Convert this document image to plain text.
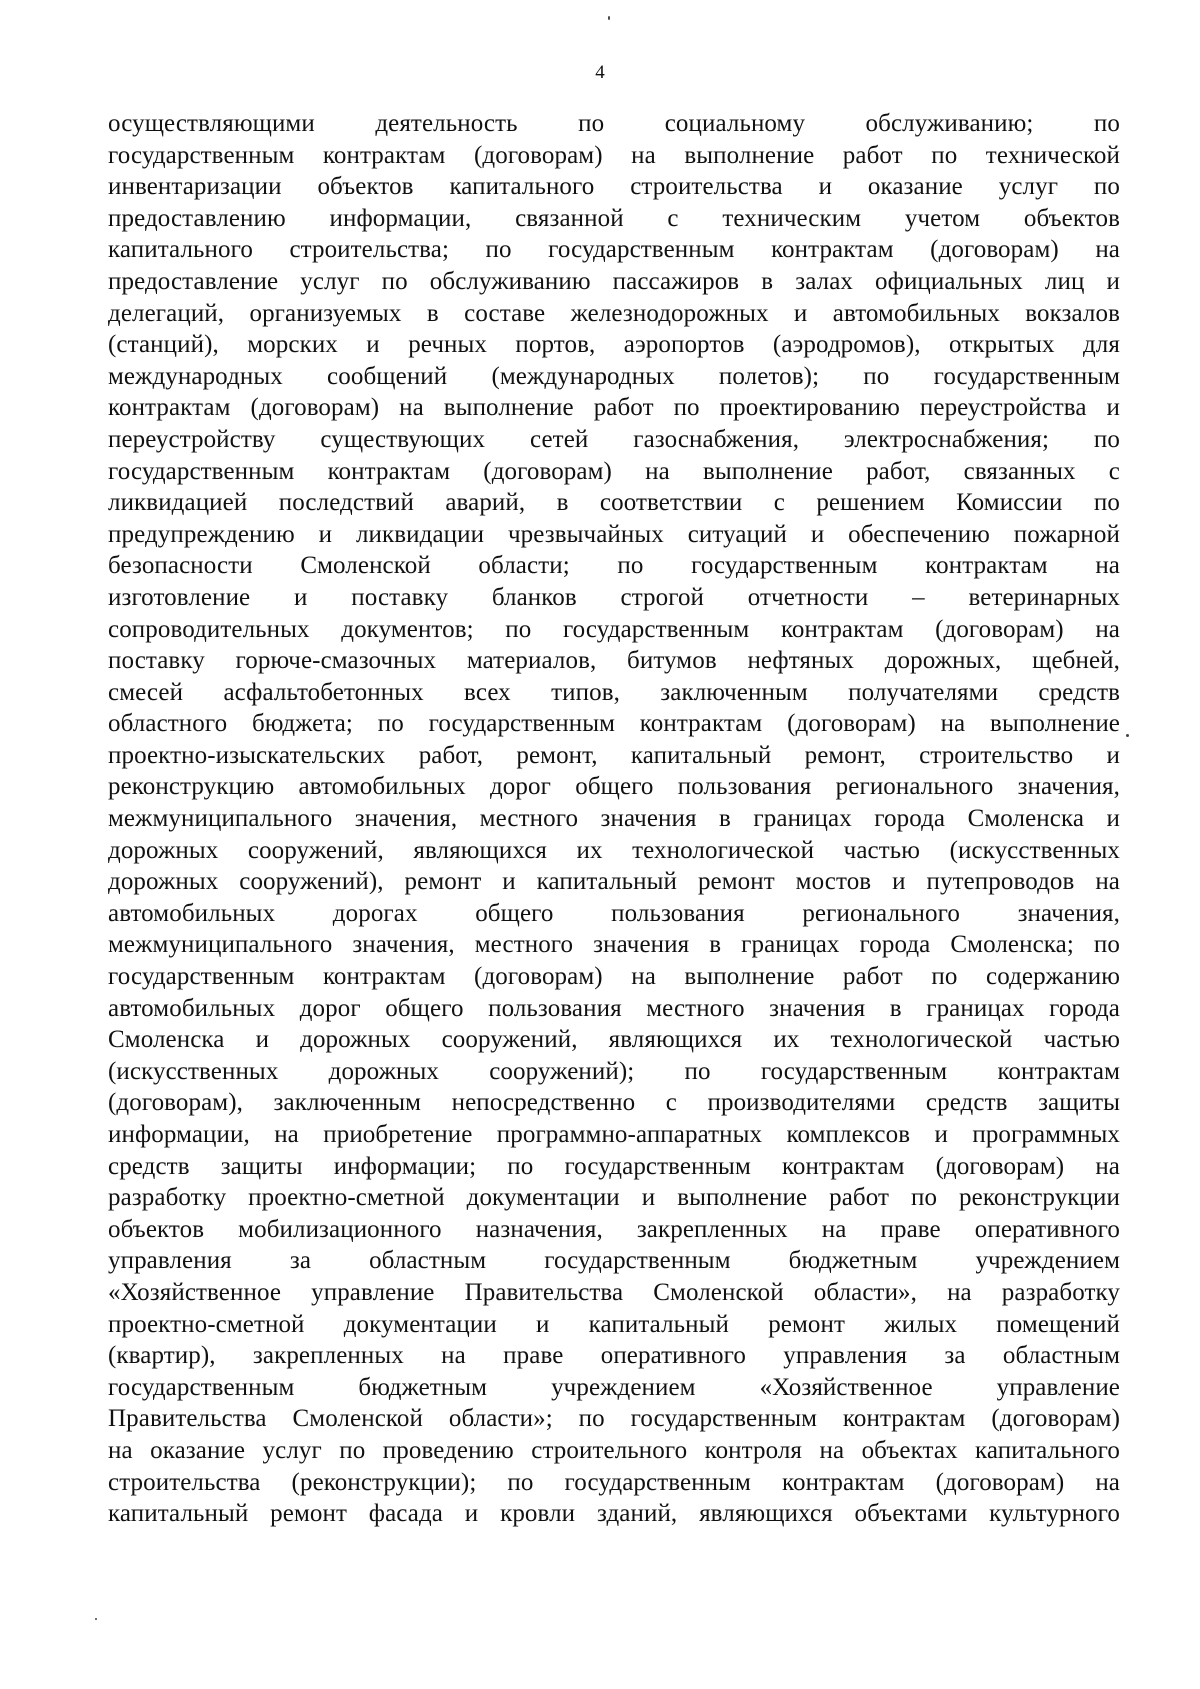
4
осуществляющими деятельность по социальному обслуживанию; по
государственным контрактам (договорам) на выполнение работ по технической
инвентаризации объектов капитального строительства и оказание услуг по
предоставлению информации, связанной с техническим учетом объектов
капитального строительства; по государственным контрактам (договорам) на
предоставление услуг по обслуживанию пассажиров в залах официальных лиц и
делегаций, организуемых в составе железнодорожных и автомобильных вокзалов
(станций), морских и речных портов, аэропортов (аэродромов), открытых для
международных сообщений (международных полетов); по государственным
контрактам (договорам) на выполнение работ по проектированию переустройства и
переустройству существующих сетей газоснабжения, электроснабжения; по
государственным контрактам (договорам) на выполнение работ, связанных с
ликвидацией последствий аварий, в соответствии с решением Комиссии по
предупреждению и ликвидации чрезвычайных ситуаций и обеспечению пожарной
безопасности Смоленской области; по государственным контрактам на
изготовление и поставку бланков строгой отчетности – ветеринарных
сопроводительных документов; по государственным контрактам (договорам) на
поставку горюче-смазочных материалов, битумов нефтяных дорожных, щебней,
смесей асфальтобетонных всех типов, заключенным получателями средств
областного бюджета; по государственным контрактам (договорам) на выполнение
проектно-изыскательских работ, ремонт, капитальный ремонт, строительство и
реконструкцию автомобильных дорог общего пользования регионального значения,
межмуниципального значения, местного значения в границах города Смоленска и
дорожных сооружений, являющихся их технологической частью (искусственных
дорожных сооружений), ремонт и капитальный ремонт мостов и путепроводов на
автомобильных дорогах общего пользования регионального значения,
межмуниципального значения, местного значения в границах города Смоленска; по
государственным контрактам (договорам) на выполнение работ по содержанию
автомобильных дорог общего пользования местного значения в границах города
Смоленска и дорожных сооружений, являющихся их технологической частью
(искусственных дорожных сооружений); по государственным контрактам
(договорам), заключенным непосредственно с производителями средств защиты
информации, на приобретение программно-аппаратных комплексов и программных
средств защиты информации; по государственным контрактам (договорам) на
разработку проектно-сметной документации и выполнение работ по реконструкции
объектов мобилизационного назначения, закрепленных на праве оперативного
управления за областным государственным бюджетным учреждением
«Хозяйственное управление Правительства Смоленской области», на разработку
проектно-сметной документации и капитальный ремонт жилых помещений
(квартир), закрепленных на праве оперативного управления за областным
государственным бюджетным учреждением «Хозяйственное управление
Правительства Смоленской области»; по государственным контрактам (договорам)
на оказание услуг по проведению строительного контроля на объектах капитального
строительства (реконструкции); по государственным контрактам (договорам) на
капитальный ремонт фасада и кровли зданий, являющихся объектами культурного
